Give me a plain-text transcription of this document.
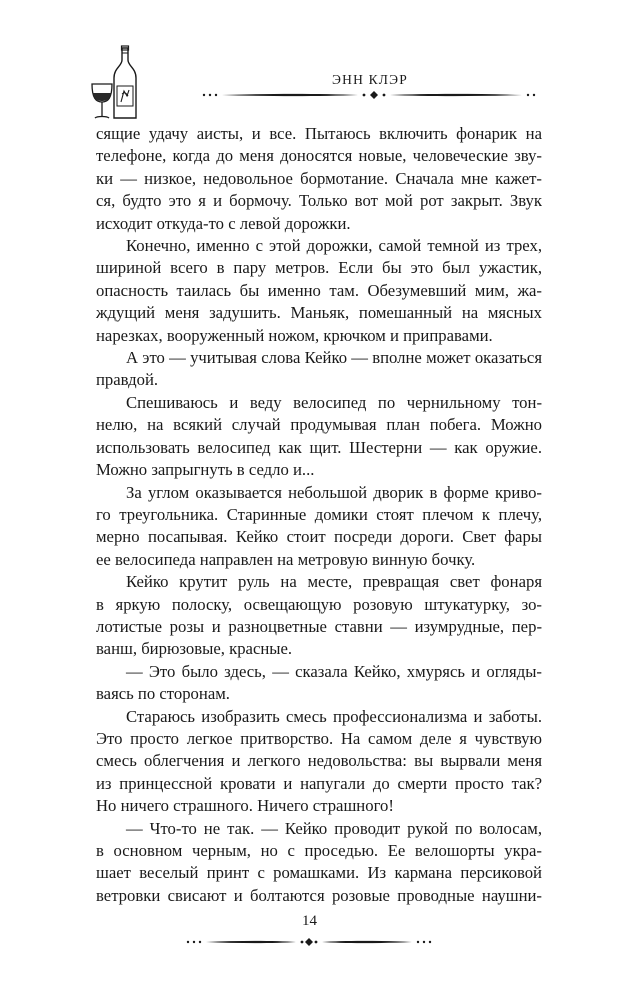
ЭНН КЛЭР

сящие удачу аисты, и все. Пытаюсь включить фонарик на
телефоне, когда до меня доносятся новые, человеческие зву-
ки — низкое, недовольное бормотание. Сначала мне кажет-
ся, будто это я и бормочу. Только вот мой рот закрыт. Звук
исходит откуда-то с левой дорожки.

Конечно, именно с этой дорожки, самой темной из трех,
шириной всего в пару метров. Если бы это был ужастик,
опасность таилась бы именно там. Обезумевший мим, жа-
ждущий меня задушить. Маньяк, помешанный на мясных
нарезках, вооруженный ножом, крючком и приправами.

А это — учитывая слова Кейко — вполне может оказаться
правдой.

Спешиваюсь и веду велосипед по чернильному тон-
нелю, на всякий случай продумывая план побега. Можно
использовать велосипед как щит. Шестерни — как оружие.
Можно запрыгнуть в седло и...

За углом оказывается небольшой дворик в форме криво-
го треугольника. Старинные домики стоят плечом к плечу,
мерно посапывая. Кейко стоит посреди дороги. Свет фары
ее велосипеда направлен на метровую винную бочку.

Кейко крутит руль на месте, превращая свет фонаря
в яркую полоску, освещающую розовую штукатурку, зо-
лотистые розы и разноцветные ставни — изумрудные, пер-
ванш, бирюзовые, красные.

— Это было здесь, — сказала Кейко, хмурясь и огляды-
ваясь по сторонам.

Стараюсь изобразить смесь профессионализма и заботы.
Это просто легкое притворство. На самом деле я чувствую
смесь облегчения и легкого недовольства: вы вырвали меня
из принцессной кровати и напугали до смерти просто так?
Но ничего страшного. Ничего страшного!

— Что-то не так. — Кейко проводит рукой по волосам,
в основном черным, но с проседью. Ее велошорты укра-
шает веселый принт с ромашками. Из кармана персиковой
ветровки свисают и болтаются розовые проводные наушни-

14
